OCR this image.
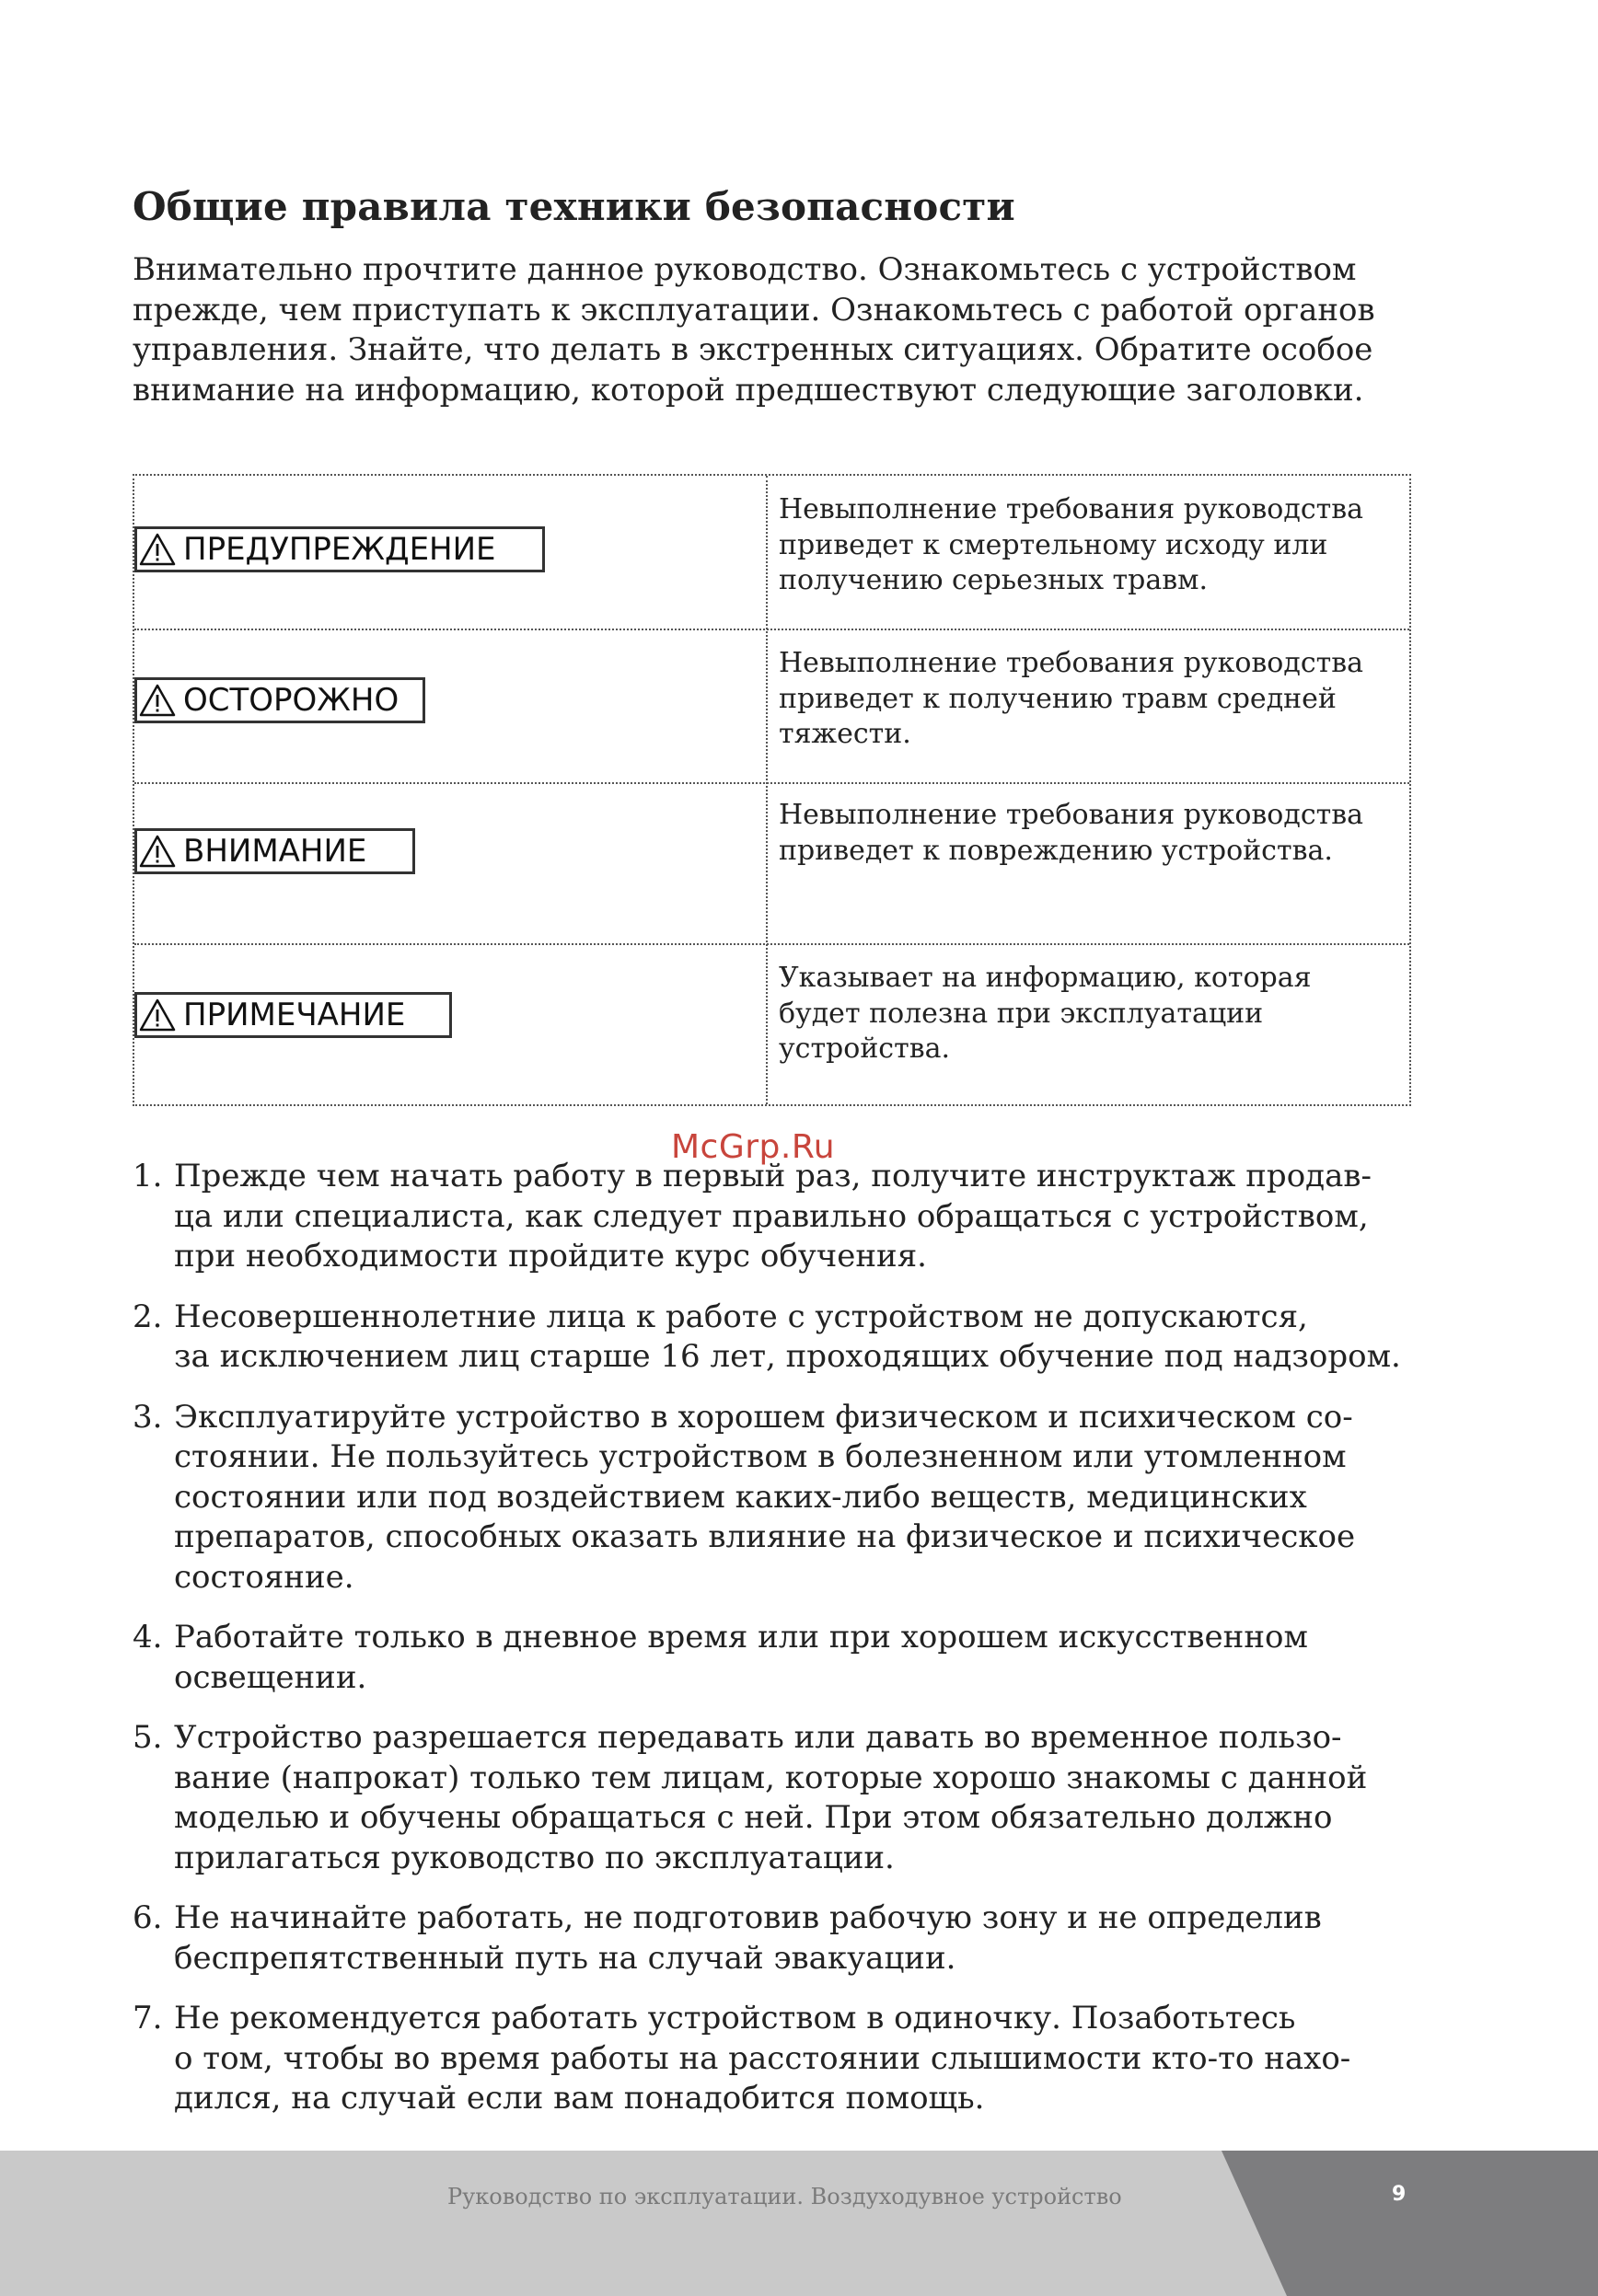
Общие правила техники безопасности

Внимательно прочтите данное руководство. Ознакомьтесь с устройством
прежде, чем приступать к эксплуатации. Ознакомьтесь с работой органов
управления. Знайте, что делать в экстренных ситуациях. Обратите особое
внимание на информацию, которой предшествуют следующие заголовки.

ПРЕДУПРЕЖДЕНИЕ

Невыполнение требования руководства
приведет к смертельному исходу или
получению серьезных травм.

ОСТОРОЖНО

Невыполнение требования руководства
приведет к получению травм средней
тяжести.

ВНИМАНИЕ

Невыполнение требования руководства
приведет к повреждению устройства.

ПРИМЕЧАНИЕ

Указывает на информацию, которая
будет полезна при эксплуатации
устройства.

McGrp.Ru
1. Прежде чем начать работу в первый раз, получите инструктаж продав-
ца или специалиста, как следует правильно обращаться с устройством,
при необходимости пройдите курс обучения.
2. Несовершеннолетние лица к работе с устройством не допускаются,
за исключением лиц старше 16 лет, проходящих обучение под надзором.
3. Эксплуатируйте устройство в хорошем физическом и психическом со-
стоянии. Не пользуйтесь устройством в болезненном или утомленном
состоянии или под воздействием каких-либо веществ, медицинских
препаратов, способных оказать влияние на физическое и психическое
состояние.
4. Работайте только в дневное время или при хорошем искусственном
освещении.
5. Устройство разрешается передавать или давать во временное пользо-
вание (напрокат) только тем лицам, которые хорошо знакомы с данной
моделью и обучены обращаться с ней. При этом обязательно должно
прилагаться руководство по эксплуатации.
6. Не начинайте работать, не подготовив рабочую зону и не определив
беспрепятственный путь на случай эвакуации.
7. Не рекомендуется работать устройством в одиночку. Позаботьтесь
о том, чтобы во время работы на расстоянии слышимости кто-то нахо-
дился, на случай если вам понадобится помощь.
Руководство по эксплуатации. Воздуходувное устройство	9
